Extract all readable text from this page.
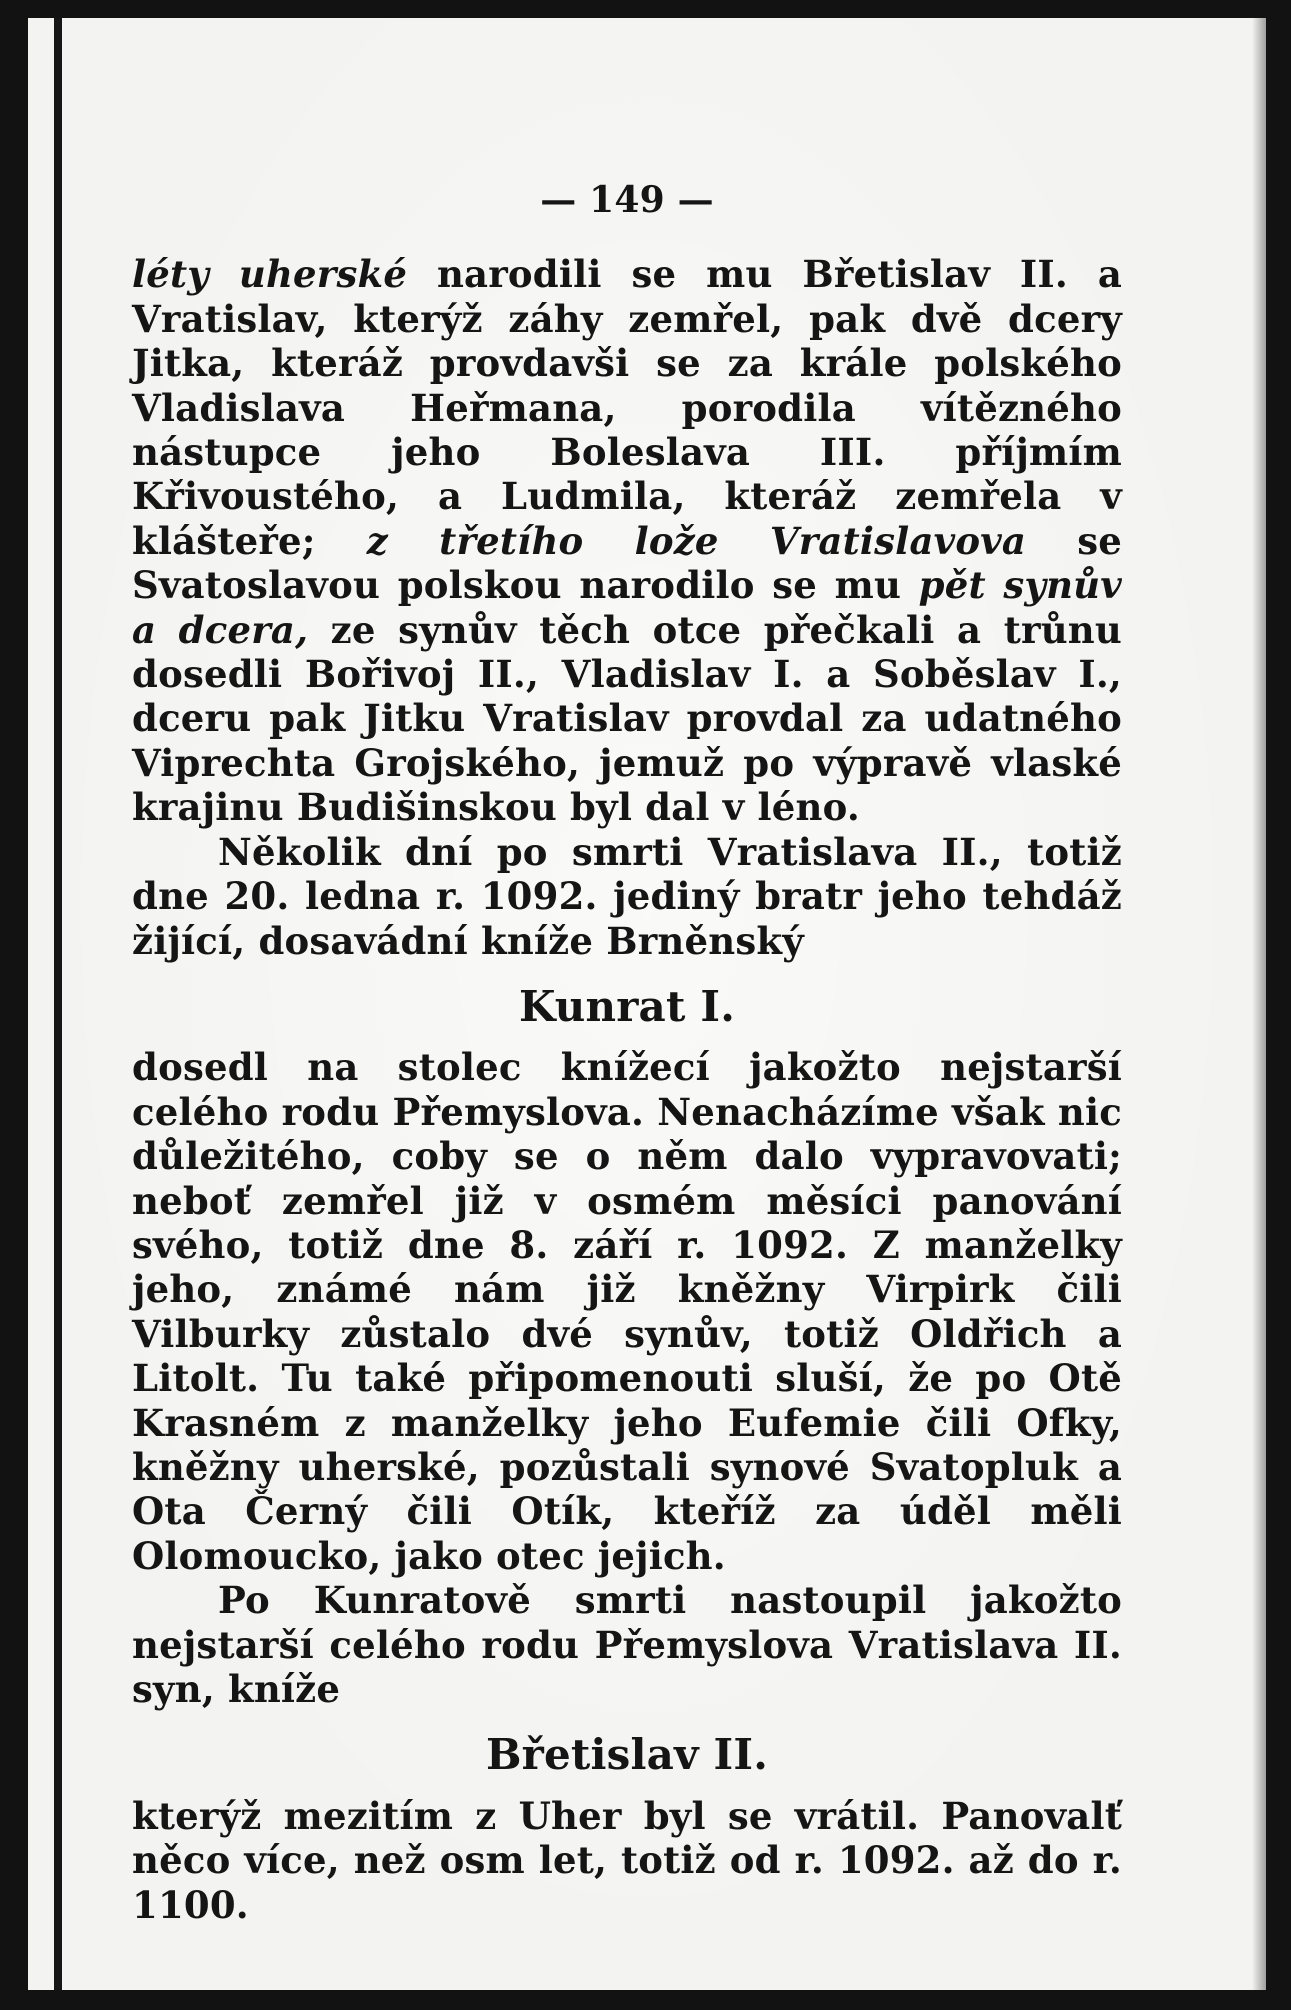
— 149 —

léty uherské narodili se mu Břetislav II. a Vratislav, kterýž záhy zemřel, pak dvě dcery Jitka, kteráž provdavši se za krále polského Vladislava Heřmana, porodila vítězného nástupce jeho Boleslava III. příjmím Křivoustého, a Ludmila, kteráž zemřela v klášteře; z třetího lože Vratislavova se Svatoslavou polskou narodilo se mu pět synův a dcera, ze synův těch otce přečkali a trůnu dosedli Bořivoj II., Vladislav I. a Soběslav I., dceru pak Jitku Vratislav provdal za udatného Viprechta Grojského, jemuž po výpravě vlaské krajinu Budišinskou byl dal v léno.

Několik dní po smrti Vratislava II., totiž dne 20. ledna r. 1092. jediný bratr jeho tehdáž žijící, dosavádní kníže Brněnský

Kunrat I.

dosedl na stolec knížecí jakožto nejstarší celého rodu Přemyslova. Nenacházíme však nic důležitého, coby se o něm dalo vypravovati; neboť zemřel již v osmém měsíci panování svého, totiž dne 8. září r. 1092. Z manželky jeho, známé nám již kněžny Virpirk čili Vilburky zůstalo dvé synův, totiž Oldřich a Litolt. Tu také připomenouti sluší, že po Otě Krasném z manželky jeho Eufemie čili Ofky, kněžny uherské, pozůstali synové Svatopluk a Ota Černý čili Otík, kteříž za úděl měli Olomoucko, jako otec jejich.

Po Kunratově smrti nastoupil jakožto nejstarší celého rodu Přemyslova Vratislava II. syn, kníže

Břetislav II.

kterýž mezitím z Uher byl se vrátil. Panovalť něco více, než osm let, totiž od r. 1092. až do r. 1100.
